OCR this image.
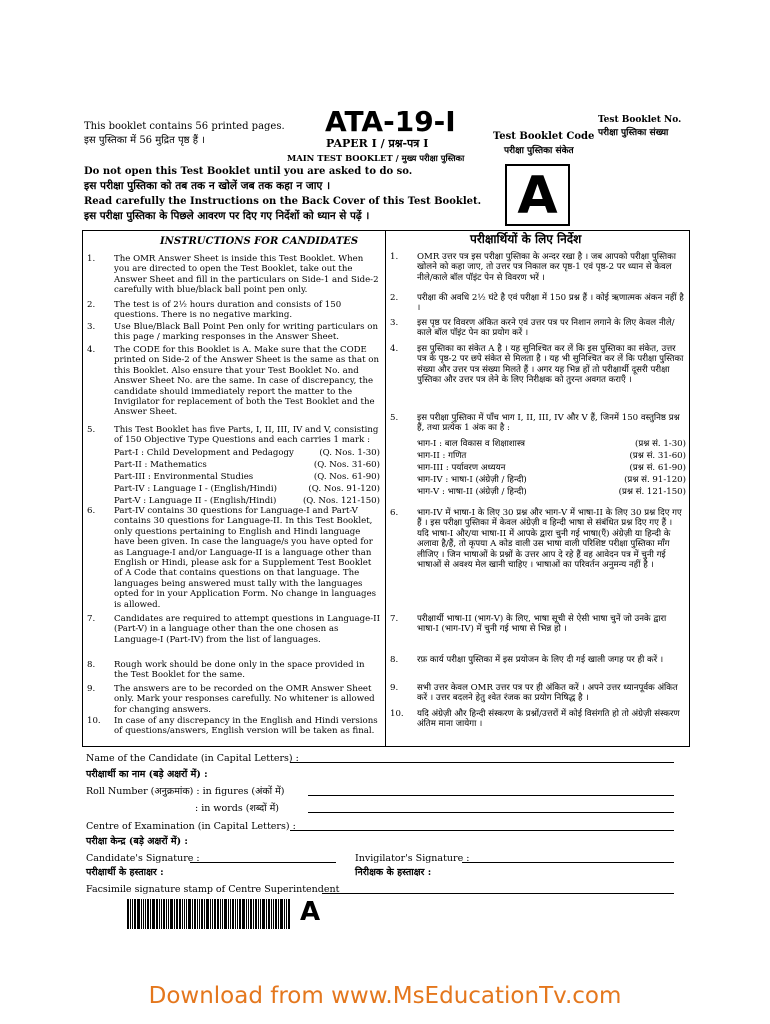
This booklet contains 56 printed pages.
इस पुस्तिका में 56 मुद्रित पृष्ठ हैं ।
ATA-19-I
PAPER I / प्रश्न-पत्र I
MAIN TEST BOOKLET / मुख्य परीक्षा पुस्तिका
Test Booklet Code
परीक्षा पुस्तिका संकेत
Test Booklet No.
परीक्षा पुस्तिका संख्या
A
Do not open this Test Booklet until you are asked to do so.
इस परीक्षा पुस्तिका को तब तक न खोलें जब तक कहा न जाए ।
Read carefully the Instructions on the Back Cover of this Test Booklet.
इस परीक्षा पुस्तिका के पिछले आवरण पर दिए गए निर्देशों को ध्यान से पढ़ें ।
INSTRUCTIONS FOR CANDIDATES	परीक्षार्थियों के लिए निर्देश
1.	The OMR Answer Sheet is inside this Test Booklet. When you are directed to open the Test Booklet, take out the Answer Sheet and fill in the particulars on Side-1 and Side-2 carefully with blue/black ball point pen only.
2.	The test is of 2½ hours duration and consists of 150 questions. There is no negative marking.
3.	Use Blue/Black Ball Point Pen only for writing particulars on this page / marking responses in the Answer Sheet.
4.	The CODE for this Booklet is A. Make sure that the CODE printed on Side-2 of the Answer Sheet is the same as that on this Booklet. Also ensure that your Test Booklet No. and Answer Sheet No. are the same. In case of discrepancy, the candidate should immediately report the matter to the Invigilator for replacement of both the Test Booklet and the Answer Sheet.
5.	This Test Booklet has five Parts, I, II, III, IV and V, consisting of 150 Objective Type Questions and each carries 1 mark :
6.	Part-IV contains 30 questions for Language-I and Part-V contains 30 questions for Language-II. In this Test Booklet, only questions pertaining to English and Hindi language have been given. In case the language/s you have opted for as Language-I and/or Language-II is a language other than English or Hindi, please ask for a Supplement Test Booklet of A Code that contains questions on that language. The languages being answered must tally with the languages opted for in your Application Form. No change in languages is allowed.
7.	Candidates are required to attempt questions in Language-II (Part-V) in a language other than the one chosen as Language-I (Part-IV) from the list of languages.
8.	Rough work should be done only in the space provided in the Test Booklet for the same.
9.	The answers are to be recorded on the OMR Answer Sheet only. Mark your responses carefully. No whitener is allowed for changing answers.
10. In case of any discrepancy in the English and Hindi versions of questions/answers, English version will be taken as final.
Part-I : Child Development and Pedagogy	(Q. Nos. 1-30)
Part-II : Mathematics	(Q. Nos. 31-60)
Part-III : Environmental Studies	(Q. Nos. 61-90)
Part-IV : Language I - (English/Hindi)	(Q. Nos. 91-120)
Part-V : Language II - (English/Hindi)	(Q. Nos. 121-150)
1.	OMR उत्तर पत्र इस परीक्षा पुस्तिका के अन्दर रखा है । जब आपको परीक्षा पुस्तिका खोलने को कहा जाए, तो उत्तर पत्र निकाल कर पृष्ठ-1 एवं पृष्ठ-2 पर ध्यान से केवल नीले/काले बॉल पॉइंट पेन से विवरण भरें ।
2.	परीक्षा की अवधि 2½ घंटे है एवं परीक्षा में 150 प्रश्न हैं । कोई ऋणात्मक अंकन नहीं है ।
3.	इस पृष्ठ पर विवरण अंकित करने एवं उत्तर पत्र पर निशान लगाने के लिए केवल नीले/काले बॉल पॉइंट पेन का प्रयोग करें ।
4.	इस पुस्तिका का संकेत A है । यह सुनिश्चित कर लें कि इस पुस्तिका का संकेत, उत्तर पत्र के पृष्ठ-2 पर छपे संकेत से मिलता है । यह भी सुनिश्चित कर लें कि परीक्षा पुस्तिका संख्या और उत्तर पत्र संख्या मिलते हैं । अगर यह भिन्न हों तो परीक्षार्थी दूसरी परीक्षा पुस्तिका और उत्तर पत्र लेने के लिए निरीक्षक को तुरन्त अवगत कराएँ ।
5.	इस परीक्षा पुस्तिका में पाँच भाग I, II, III, IV और V हैं, जिनमें 150 वस्तुनिष्ठ प्रश्न हैं, तथा प्रत्येक 1 अंक का है :
6.	भाग-IV में भाषा-I के लिए 30 प्रश्न और भाग-V में भाषा-II के लिए 30 प्रश्न दिए गए हैं । इस परीक्षा पुस्तिका में केवल अंग्रेज़ी व हिन्दी भाषा से संबंधित प्रश्न दिए गए हैं । यदि भाषा-I और/या भाषा-II में आपके द्वारा चुनी गई भाषा(एँ) अंग्रेज़ी या हिन्दी के अलावा है/हैं, तो कृपया A कोड वाली उस भाषा वाली परिशिष्ट परीक्षा पुस्तिका माँग लीजिए । जिन भाषाओं के प्रश्नों के उत्तर आप दे रहे हैं वह आवेदन पत्र में चुनी गई भाषाओं से अवश्य मेल खानी चाहिए । भाषाओं का परिवर्तन अनुमन्य नहीं है ।
7.	परीक्षार्थी भाषा-II (भाग-V) के लिए, भाषा सूची से ऐसी भाषा चुनें जो उनके द्वारा भाषा-I (भाग-IV) में चुनी गई भाषा से भिन्न हो ।
8.	रफ़ कार्य परीक्षा पुस्तिका में इस प्रयोजन के लिए दी गई खाली जगह पर ही करें ।
9.	सभी उत्तर केवल OMR उत्तर पत्र पर ही अंकित करें । अपने उत्तर ध्यानपूर्वक अंकित करें । उत्तर बदलने हेतु श्वेत रंजक का प्रयोग निषिद्ध है ।
10. यदि अंग्रेज़ी और हिन्दी संस्करण के प्रश्नों/उत्तरों में कोई विसंगति हो तो अंग्रेज़ी संस्करण अंतिम माना जायेगा ।
भाग-I : बाल विकास व शिक्षाशास्त्र	(प्रश्न सं. 1-30)
भाग-II : गणित	(प्रश्न सं. 31-60)
भाग-III : पर्यावरण अध्ययन	(प्रश्न सं. 61-90)
भाग-IV : भाषा-I (अंग्रेज़ी / हिन्दी)	(प्रश्न सं. 91-120)
भाग-V : भाषा-II (अंग्रेज़ी / हिन्दी)	(प्रश्न सं. 121-150)
Name of the Candidate (in Capital Letters) :
परीक्षार्थी का नाम (बड़े अक्षरों में) :
Roll Number (अनुक्रमांक) : in figures (अंकों में)
: in words (शब्दों में)
Centre of Examination (in Capital Letters) :
परीक्षा केन्द्र (बड़े अक्षरों में) :
Candidate's Signature :
परीक्षार्थी के हस्ताक्षर :
Invigilator's Signature :
निरीक्षक के हस्ताक्षर :
Facsimile signature stamp of Centre Superintendent
A
Download from www.MsEducationTv.com
